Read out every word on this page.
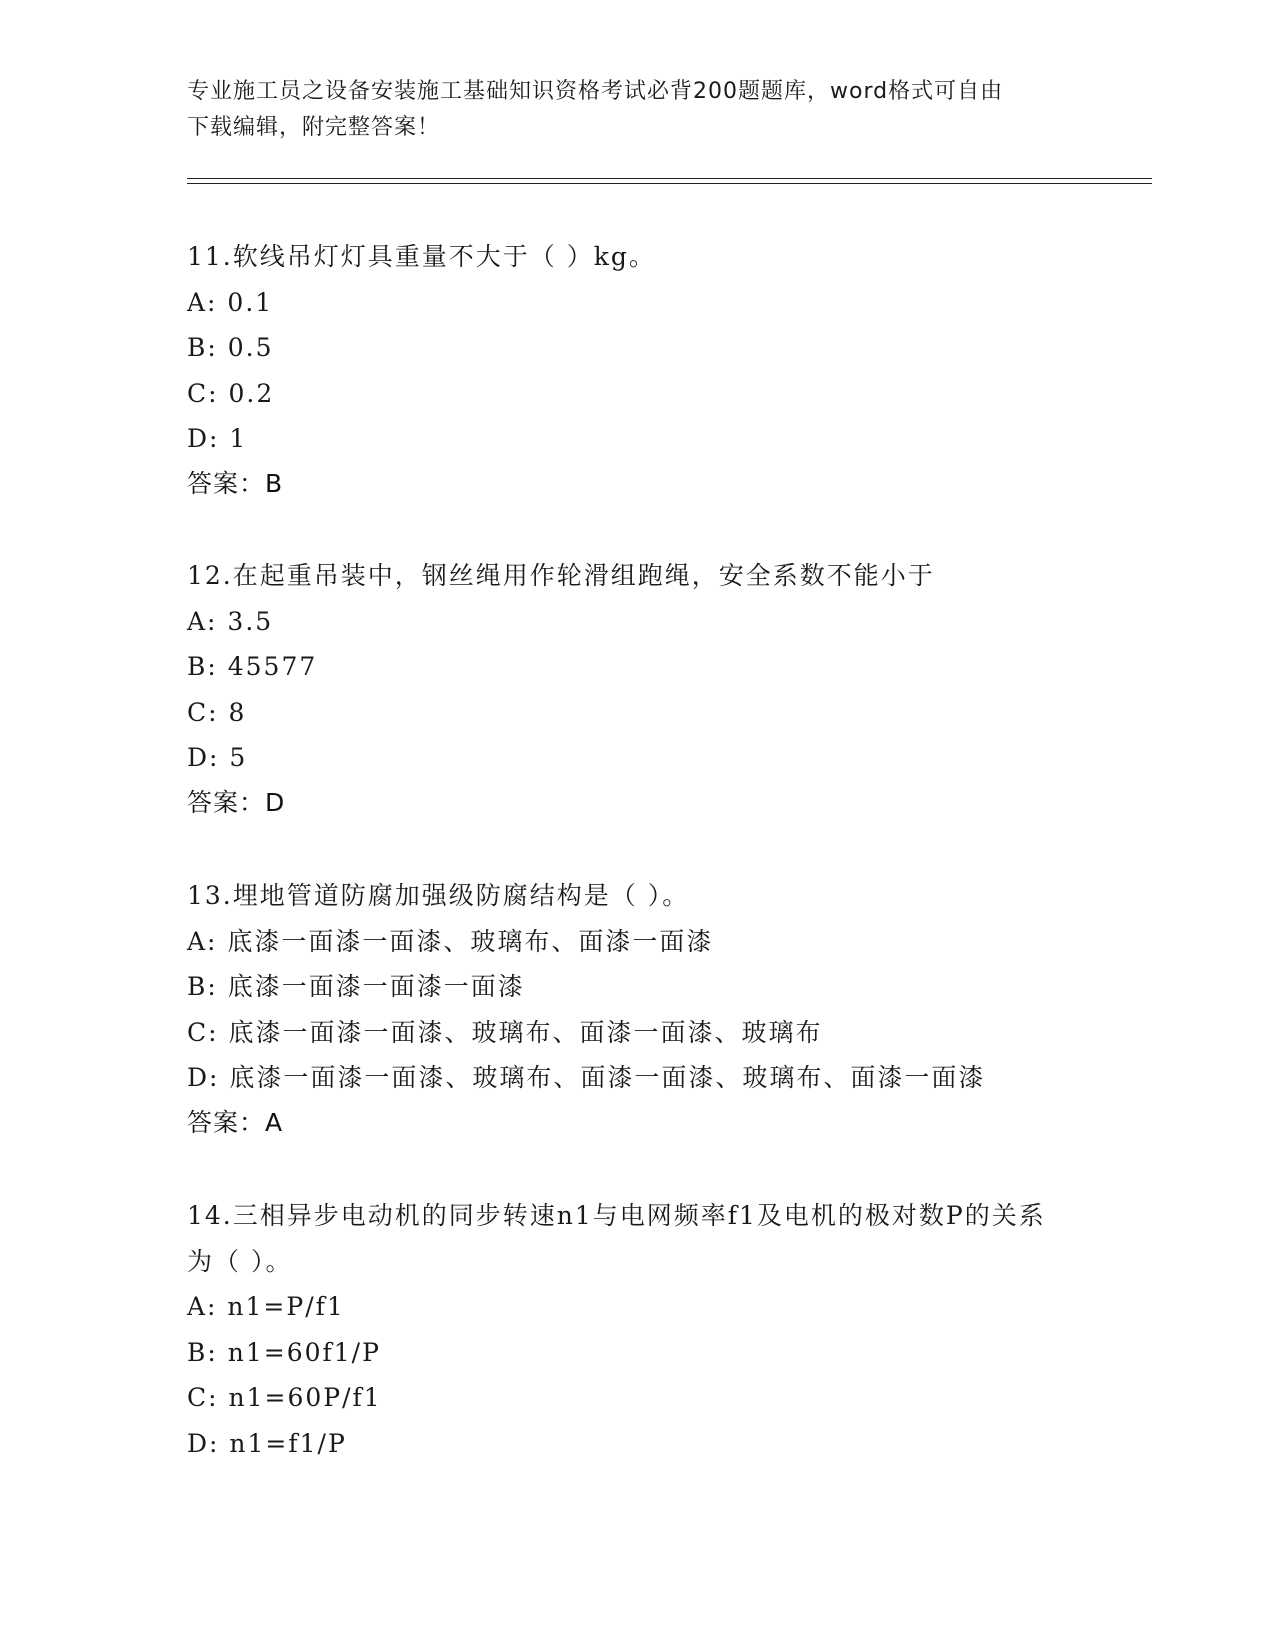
专业施工员之设备安装施工基础知识资格考试必背200题题库，word格式可自由
下载编辑，附完整答案！
11.软线吊灯灯具重量不大于（ ）kg。
A: 0.1
B: 0.5
C: 0.2
D: 1
答案：B
12.在起重吊装中，钢丝绳用作轮滑组跑绳，安全系数不能小于
A: 3.5
B: 45577
C: 8
D: 5
答案：D
13.埋地管道防腐加强级防腐结构是（ ）。
A: 底漆一面漆一面漆、玻璃布、面漆一面漆
B: 底漆一面漆一面漆一面漆
C: 底漆一面漆一面漆、玻璃布、面漆一面漆、玻璃布
D: 底漆一面漆一面漆、玻璃布、面漆一面漆、玻璃布、面漆一面漆
答案：A
14.三相异步电动机的同步转速n1与电网频率f1及电机的极对数P的关系为（ ）。
A: n1=P/f1
B: n1=60f1/P
C: n1=60P/f1
D: n1=f1/P
